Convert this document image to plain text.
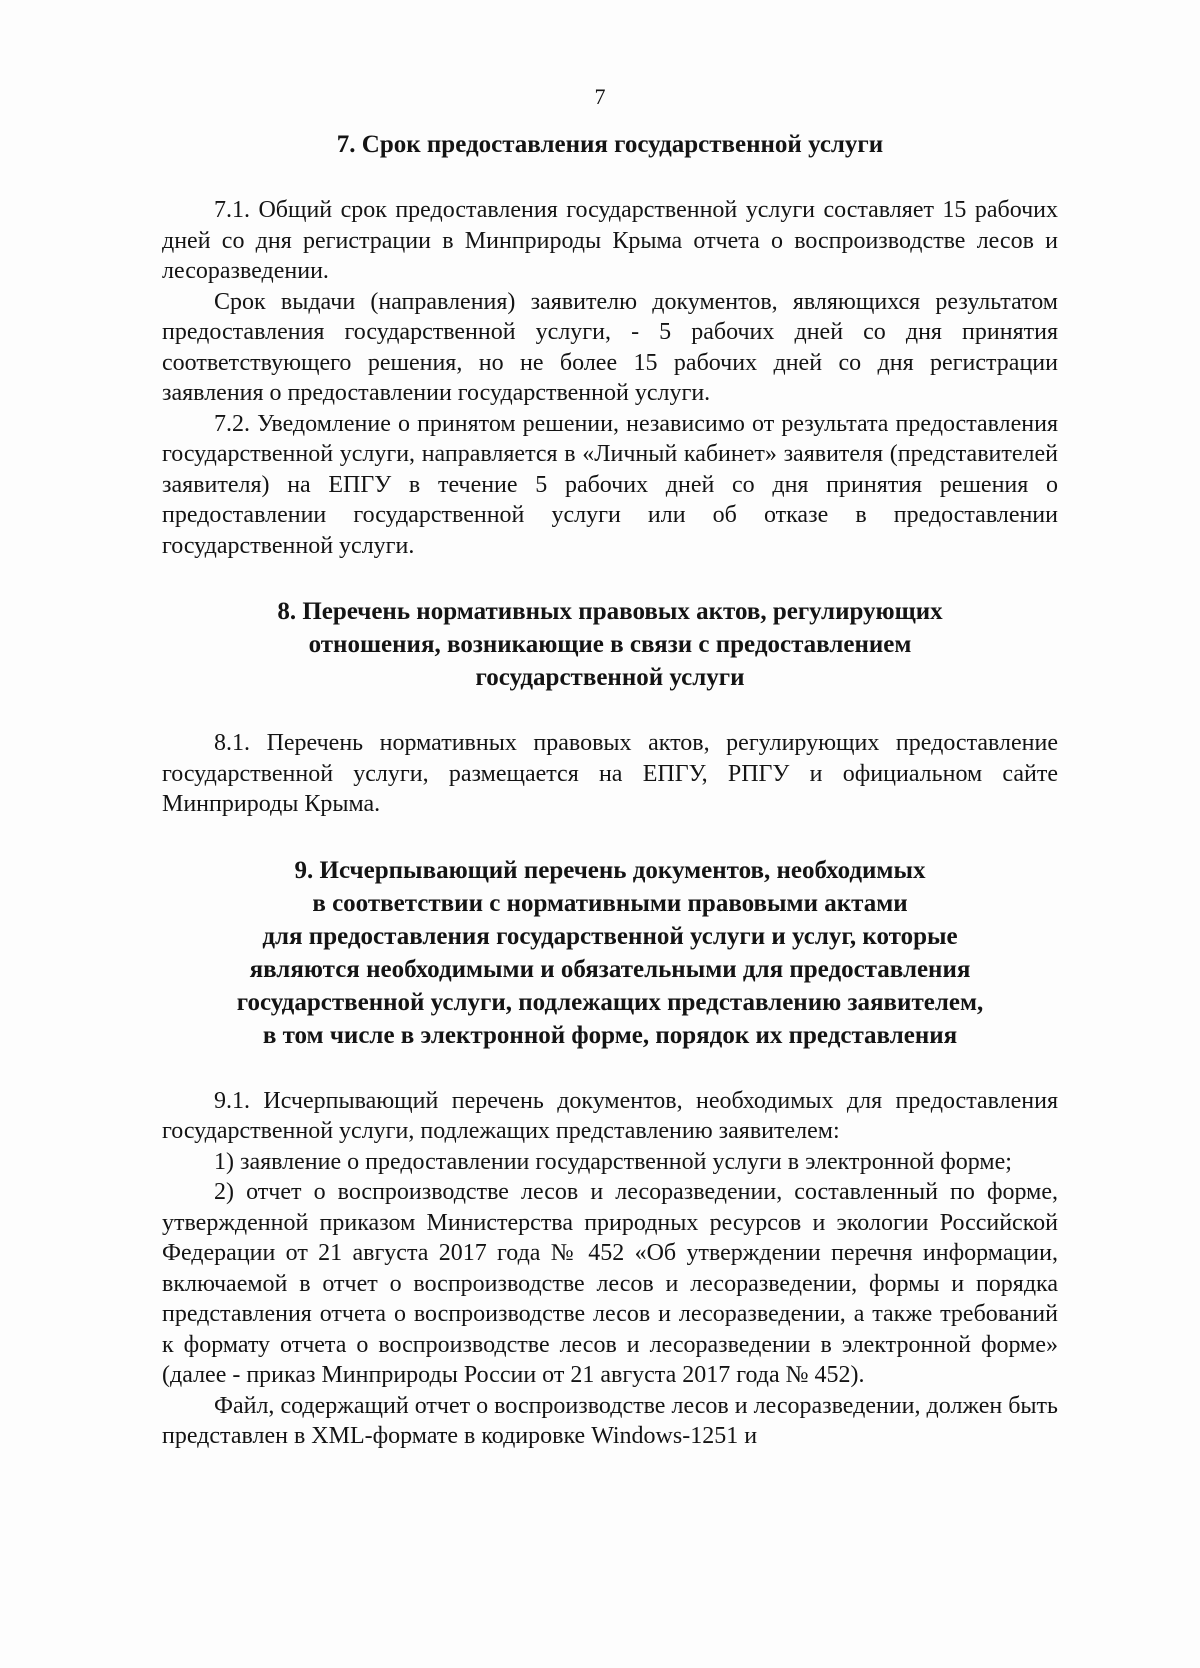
7
7. Срок предоставления государственной услуги

7.1. Общий срок предоставления государственной услуги составляет 15 рабочих дней со дня регистрации в Минприроды Крыма отчета о воспроизводстве лесов и лесоразведении.

Срок выдачи (направления) заявителю документов, являющихся результатом предоставления государственной услуги, - 5 рабочих дней со дня принятия соответствующего решения, но не более 15 рабочих дней со дня регистрации заявления о предоставлении государственной услуги.

7.2. Уведомление о принятом решении, независимо от результата предоставления государственной услуги, направляется в «Личный кабинет» заявителя (представителей заявителя) на ЕПГУ в течение 5 рабочих дней со дня принятия решения о предоставлении государственной услуги или об отказе в предоставлении государственной услуги.

8. Перечень нормативных правовых актов, регулирующих
отношения, возникающие в связи с предоставлением
государственной услуги

8.1. Перечень нормативных правовых актов, регулирующих предоставление государственной услуги, размещается на ЕПГУ, РПГУ и официальном сайте Минприроды Крыма.

9. Исчерпывающий перечень документов, необходимых
в соответствии с нормативными правовыми актами
для предоставления государственной услуги и услуг, которые
являются необходимыми и обязательными для предоставления
государственной услуги, подлежащих представлению заявителем,
в том числе в электронной форме, порядок их представления

9.1. Исчерпывающий перечень документов, необходимых для предоставления государственной услуги, подлежащих представлению заявителем:

1) заявление о предоставлении государственной услуги в электронной форме;

2) отчет о воспроизводстве лесов и лесоразведении, составленный по форме, утвержденной приказом Министерства природных ресурсов и экологии Российской Федерации от 21 августа 2017 года № 452 «Об утверждении перечня информации, включаемой в отчет о воспроизводстве лесов и лесоразведении, формы и порядка представления отчета о воспроизводстве лесов и лесоразведении, а также требований к формату отчета о воспроизводстве лесов и лесоразведении в электронной форме» (далее - приказ Минприроды России от 21 августа 2017 года № 452).

Файл, содержащий отчет о воспроизводстве лесов и лесоразведении, должен быть представлен в XML-формате в кодировке Windows-1251 и
